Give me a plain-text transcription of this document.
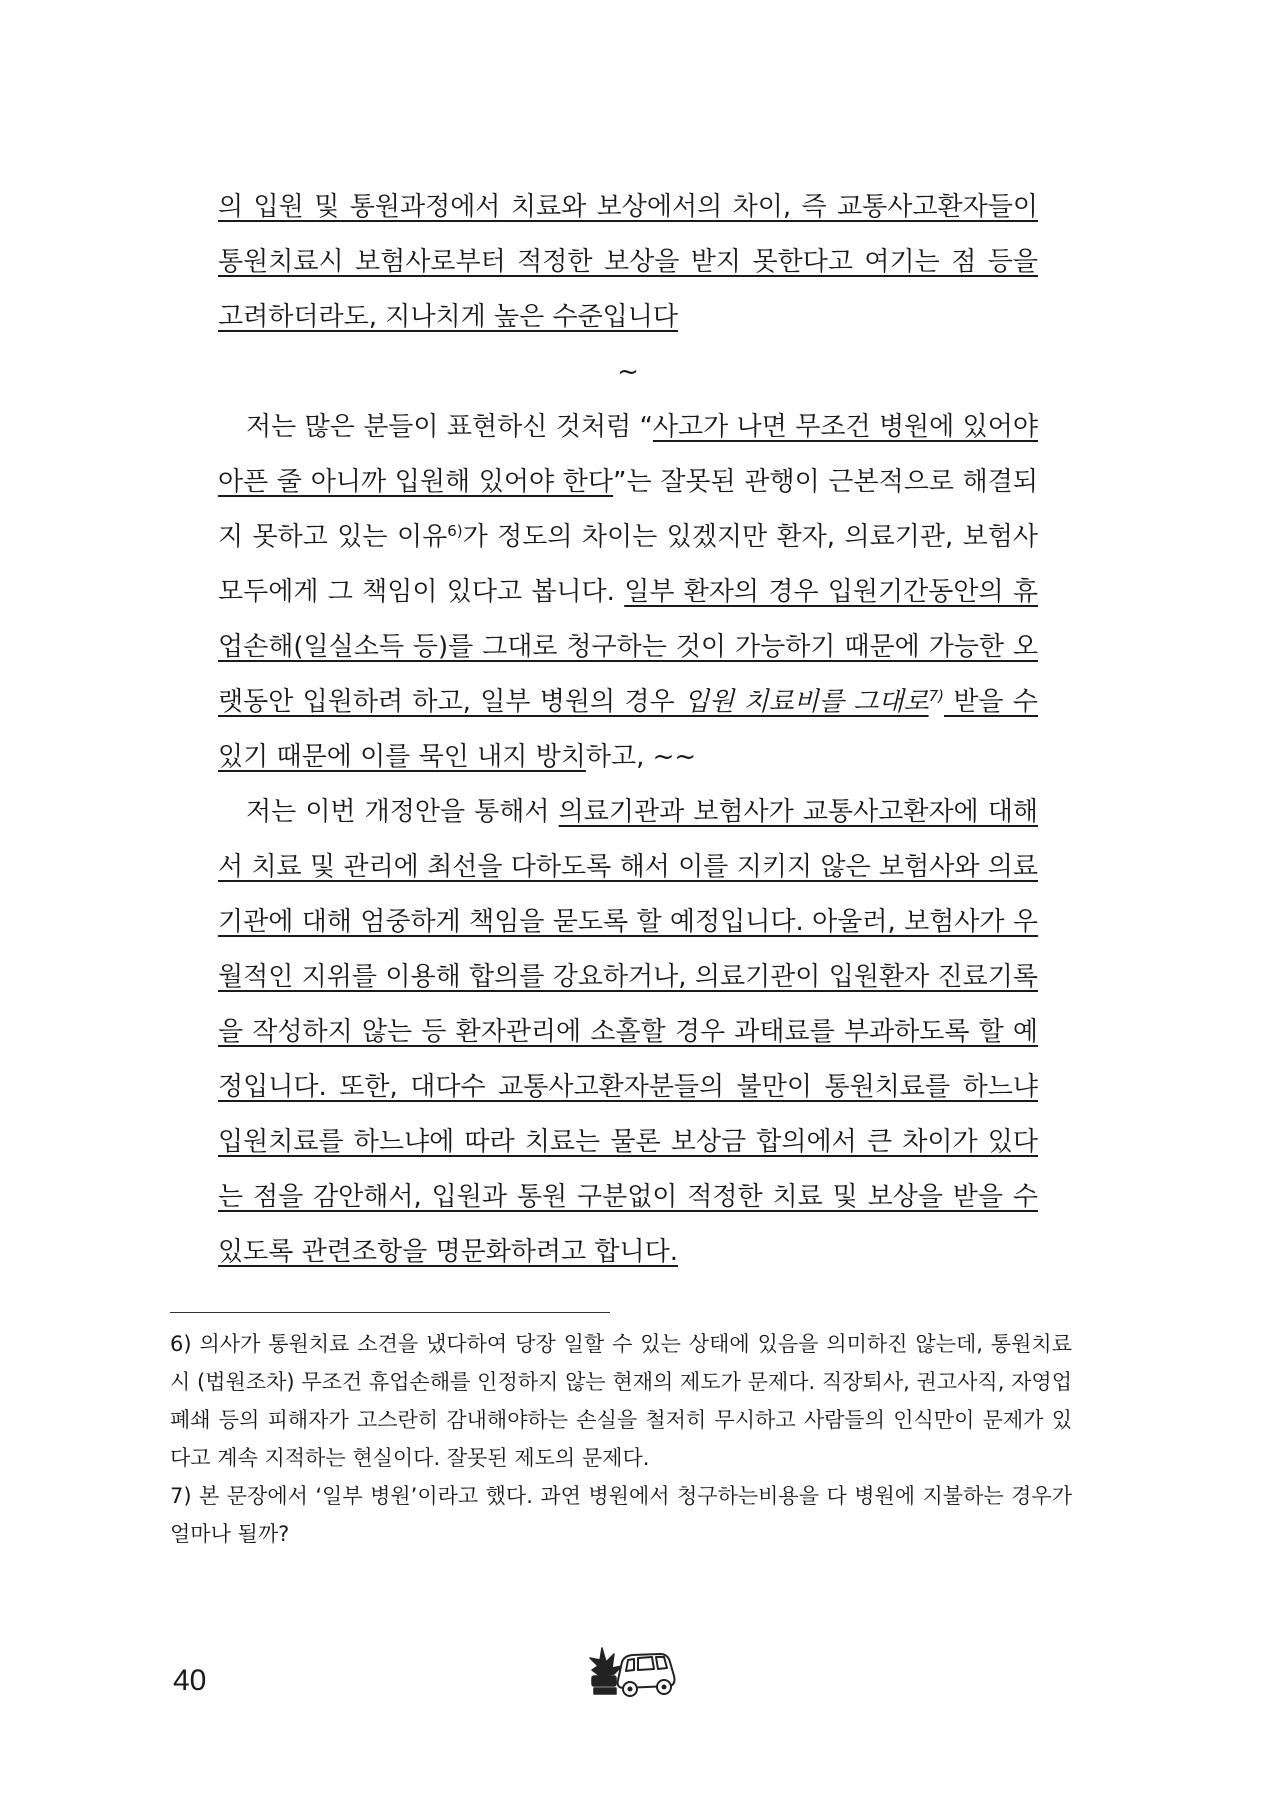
의 입원 및 통원과정에서 치료와 보상에서의 차이, 즉 교통사고환자들이 통원치료시 보험사로부터 적정한 보상을 받지 못한다고 여기는 점 등을 고려하더라도, 지나치게 높은 수준입니다

~

저는 많은 분들이 표현하신 것처럼 “사고가 나면 무조건 병원에 있어야 아픈 줄 아니까 입원해 있어야 한다”는 잘못된 관행이 근본적으로 해결되지 못하고 있는 이유$^{6)}$가 정도의 차이는 있겠지만 환자, 의료기관, 보험사 모두에게 그 책임이 있다고 봅니다. 일부 환자의 경우 입원기간동안의 휴업손해(일실소득 등)를 그대로 청구하는 것이 가능하기 때문에 가능한 오랫동안 입원하려 하고, 일부 병원의 경우 입원 치료비를 그대로$^{7)}$ 받을 수 있기 때문에 이를 묵인 내지 방치하고, ~~

저는 이번 개정안을 통해서 의료기관과 보험사가 교통사고환자에 대해서 치료 및 관리에 최선을 다하도록 해서 이를 지키지 않은 보험사와 의료기관에 대해 엄중하게 책임을 묻도록 할 예정입니다. 아울러, 보험사가 우월적인 지위를 이용해 합의를 강요하거나, 의료기관이 입원환자 진료기록을 작성하지 않는 등 환자관리에 소홀할 경우 과태료를 부과하도록 할 예정입니다. 또한, 대다수 교통사고환자분들의 불만이 통원치료를 하느냐 입원치료를 하느냐에 따라 치료는 물론 보상금 합의에서 큰 차이가 있다는 점을 감안해서, 입원과 통원 구분없이 적정한 치료 및 보상을 받을 수 있도록 관련조항을 명문화하려고 합니다.

6) 의사가 통원치료 소견을 냈다하여 당장 일할 수 있는 상태에 있음을 의미하진 않는데, 통원치료시 (법원조차) 무조건 휴업손해를 인정하지 않는 현재의 제도가 문제다. 직장퇴사, 권고사직, 자영업 폐쇄 등의 피해자가 고스란히 감내해야하는 손실을 철저히 무시하고 사람들의 인식만이 문제가 있다고 계속 지적하는 현실이다. 잘못된 제도의 문제다.

7) 본 문장에서 ‘일부 병원’이라고 했다. 과연 병원에서 청구하는비용을 다 병원에 지불하는 경우가 얼마나 될까?

40
